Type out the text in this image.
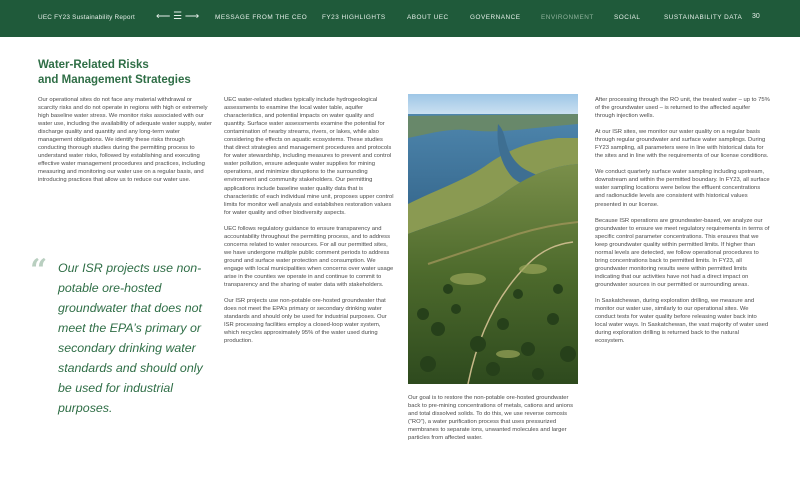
UEC FY23 Sustainability Report ⟵ ☰ ⟶ MESSAGE FROM THE CEO FY23 HIGHLIGHTS	ABOUT UEC	GOVERNANCE	ENVIRONMENT	SOCIAL	SUSTAINABILITY DATA 30
Water-Related Risks
and Management Strategies

Our operational sites do not face any material withdrawal or scarcity risks and do not operate in regions with high or extremely high baseline water stress. We monitor risks associated with our water use, including the availability of adequate water supply, water discharge quality and quantity and any long-term water management obligations. We identify these risks through conducting thorough studies during the permitting process to understand water risks, followed by establishing and executing effective water management procedures and practices, including measuring and monitoring our water use on a regular basis, and introducing practices that allow us to reduce our water use.

“ Our ISR projects use non-potable ore-hosted groundwater that does not meet the EPA’s primary or secondary drinking water standards and should only be used for industrial purposes.

UEC water-related studies typically include hydrogeological assessments to examine the local water table, aquifer characteristics, and potential impacts on water quality and quantity. Surface water assessments examine the potential for contamination of nearby streams, rivers, or lakes, while also considering the effects on aquatic ecosystems. These studies that direct strategies and management procedures and protocols for water stewardship, including measures to prevent and control water pollution, ensure adequate water supplies for mining operations, and minimize disruptions to the surrounding environment and community stakeholders. Our permitting applications include baseline water quality data that is characteristic of each individual mine unit, proposes upper control limits for monitor well analysis and establishes restoration values for water quality and other biodiversity aspects.

UEC follows regulatory guidance to ensure transparency and accountability throughout the permitting process, and to address concerns related to water resources. For all our permitted sites, we have undergone multiple public comment periods to address ground and surface water protection and consumption. We engage with local municipalities when concerns over water usage arise in the counties we operate in and continue to commit to transparency and the sharing of water data with stakeholders.

Our ISR projects use non-potable ore-hosted groundwater that does not meet the EPA’s primary or secondary drinking water standards and should only be used for industrial purposes. Our ISR processing facilities employ a closed-loop water system, which recycles approximately 95% of the water used during production.

Our goal is to restore the non-potable ore-hosted groundwater back to pre-mining concentrations of metals, cations and anions and total dissolved solids. To do this, we use reverse osmosis (“RO”), a water purification process that uses pressurized membranes to separate ions, unwanted molecules and larger particles from affected water.

After processing through the RO unit, the treated water – up to 75% of the groundwater used – is returned to the affected aquifer through injection wells.

At our ISR sites, we monitor our water quality on a regular basis through regular groundwater and surface water samplings. During FY23 sampling, all parameters were in line with historical data for the sites and in line with the requirements of our license conditions.

We conduct quarterly surface water sampling including upstream, downstream and within the permitted boundary. In FY23, all surface water sampling locations were below the effluent concentrations and radionuclide levels are consistent with historical values presented in our license.

Because ISR operations are groundwater-based, we analyze our groundwater to ensure we meet regulatory requirements in terms of specific control parameter concentrations. This ensures that we keep groundwater quality within permitted limits. If higher than normal levels are detected, we follow operational procedures to bring concentrations back to permitted limits. In FY23, all groundwater monitoring results were within permitted limits indicating that our activities have not had a direct impact on groundwater sources in our permitted or surrounding areas.

In Saskatchewan, during exploration drilling, we measure and monitor our water use, similarly to our operational sites. We conduct tests for water quality before releasing water back into local water ways. In Saskatchewan, the vast majority of water used during exploration drilling is returned back to the natural ecosystem.
